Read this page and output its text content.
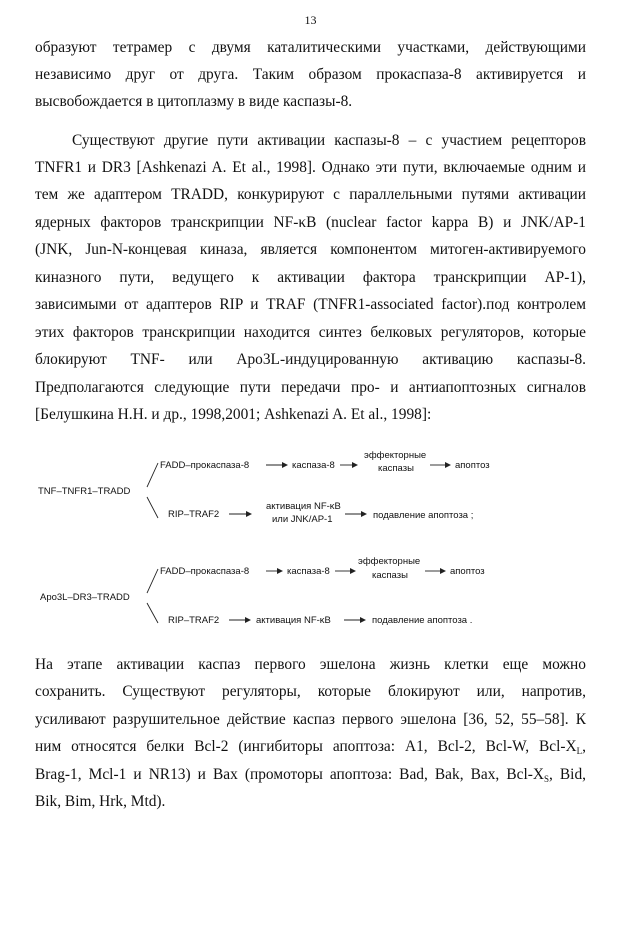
13
образуют тетрамер с двумя каталитическими участками, действующими
независимо друг от друга. Таким образом прокаспаза-8 активируется и
высвобождается в цитоплазму в виде каспазы-8.
Существуют другие пути активации каспазы-8 – с участием рецепторов
TNFR1 и DR3 [Ashkenazi A. Et al., 1998]. Однако эти пути, включаемые одним и
тем же адаптером TRADD, конкурируют с параллельными путями активации
ядерных факторов транскрипции NF-κB (nuclear factor kappa B) и JNK/AP-1
(JNK, Jun-N-концевая киназа, является компонентом митоген-активируемого
киназного пути, ведущего к активации фактора транскрипции AP-1),
зависимыми от адаптеров RIP и TRAF (TNFR1-associated factor).под контролем
этих факторов транскрипции находится синтез белковых регуляторов, которые
блокируют TNF- или Apo3L-индуцированную активацию каспазы-8.
Предполагаются следующие пути передачи про- и антиапоптозных сигналов
[Белушкина Н.Н. и др., 1998,2001; Ashkenazi A. Et al., 1998]:
TNF–TNFR1–TRADD
FADD–прокаспаза-8	каспаза-8
эффекторные
каспазы	апоптоз
RIP–TRAF2
активация NF-κB
или JNK/AP-1	подавление апоптоза ;
Apo3L–DR3–TRADD
FADD–прокаспаза-8	каспаза-8
эффекторные
каспазы	апоптоз
RIP–TRAF2	активация NF-κB	подавление апоптоза .
На этапе активации каспаз первого эшелона жизнь клетки еще можно
сохранить. Существуют регуляторы, которые блокируют или, напротив,
усиливают разрушительное действие каспаз первого эшелона [36, 52, 55–58]. К
ним относятся белки Bcl-2 (ингибиторы апоптоза: A1, Bcl-2, Bcl-W, Bcl-$X_L$,
Brag-1, Mcl-1 и NR13) и Bax (промоторы апоптоза: Bad, Bak, Bax, Bcl-$X_S$, Bid,
Bik, Bim, Hrk, Mtd).
